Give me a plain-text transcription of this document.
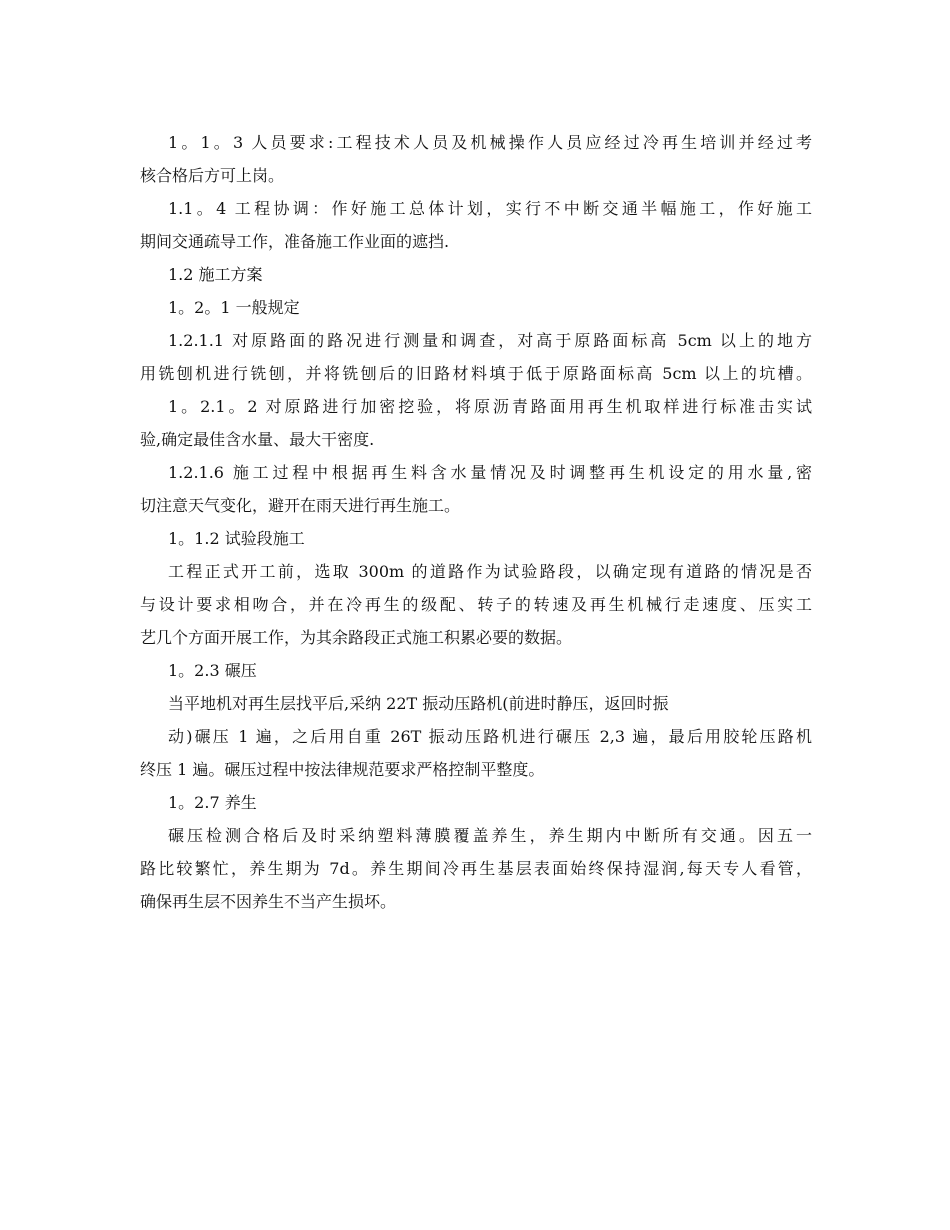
1。1。3 人员要求:工程技术人员及机械操作人员应经过冷再生培训并经过考
核合格后方可上岗。
1.1。4 工程协调：作好施工总体计划，实行不中断交通半幅施工，作好施工
期间交通疏导工作，准备施工作业面的遮挡.
1.2 施工方案
1。2。1 一般规定
1.2.1.1 对原路面的路况进行测量和调查，对高于原路面标高 5cm 以上的地方
用铣刨机进行铣刨，并将铣刨后的旧路材料填于低于原路面标高 5cm 以上的坑槽。
1。2.1。2 对原路进行加密挖验，将原沥青路面用再生机取样进行标准击实试
验,确定最佳含水量、最大干密度.
1.2.1.6 施工过程中根据再生料含水量情况及时调整再生机设定的用水量,密
切注意天气变化，避开在雨天进行再生施工。
1。1.2 试验段施工
工程正式开工前，选取 300m 的道路作为试验路段，以确定现有道路的情况是否
与设计要求相吻合，并在冷再生的级配、转子的转速及再生机械行走速度、压实工
艺几个方面开展工作，为其余路段正式施工积累必要的数据。
1。2.3 碾压
当平地机对再生层找平后,采纳 22T 振动压路机(前进时静压，返回时振
动)碾压 1 遍，之后用自重 26T 振动压路机进行碾压 2,3 遍，最后用胶轮压路机
终压 1 遍。碾压过程中按法律规范要求严格控制平整度。
1。2.7 养生
碾压检测合格后及时采纳塑料薄膜覆盖养生，养生期内中断所有交通。因五一
路比较繁忙，养生期为 7d。养生期间冷再生基层表面始终保持湿润,每天专人看管，
确保再生层不因养生不当产生损坏。
